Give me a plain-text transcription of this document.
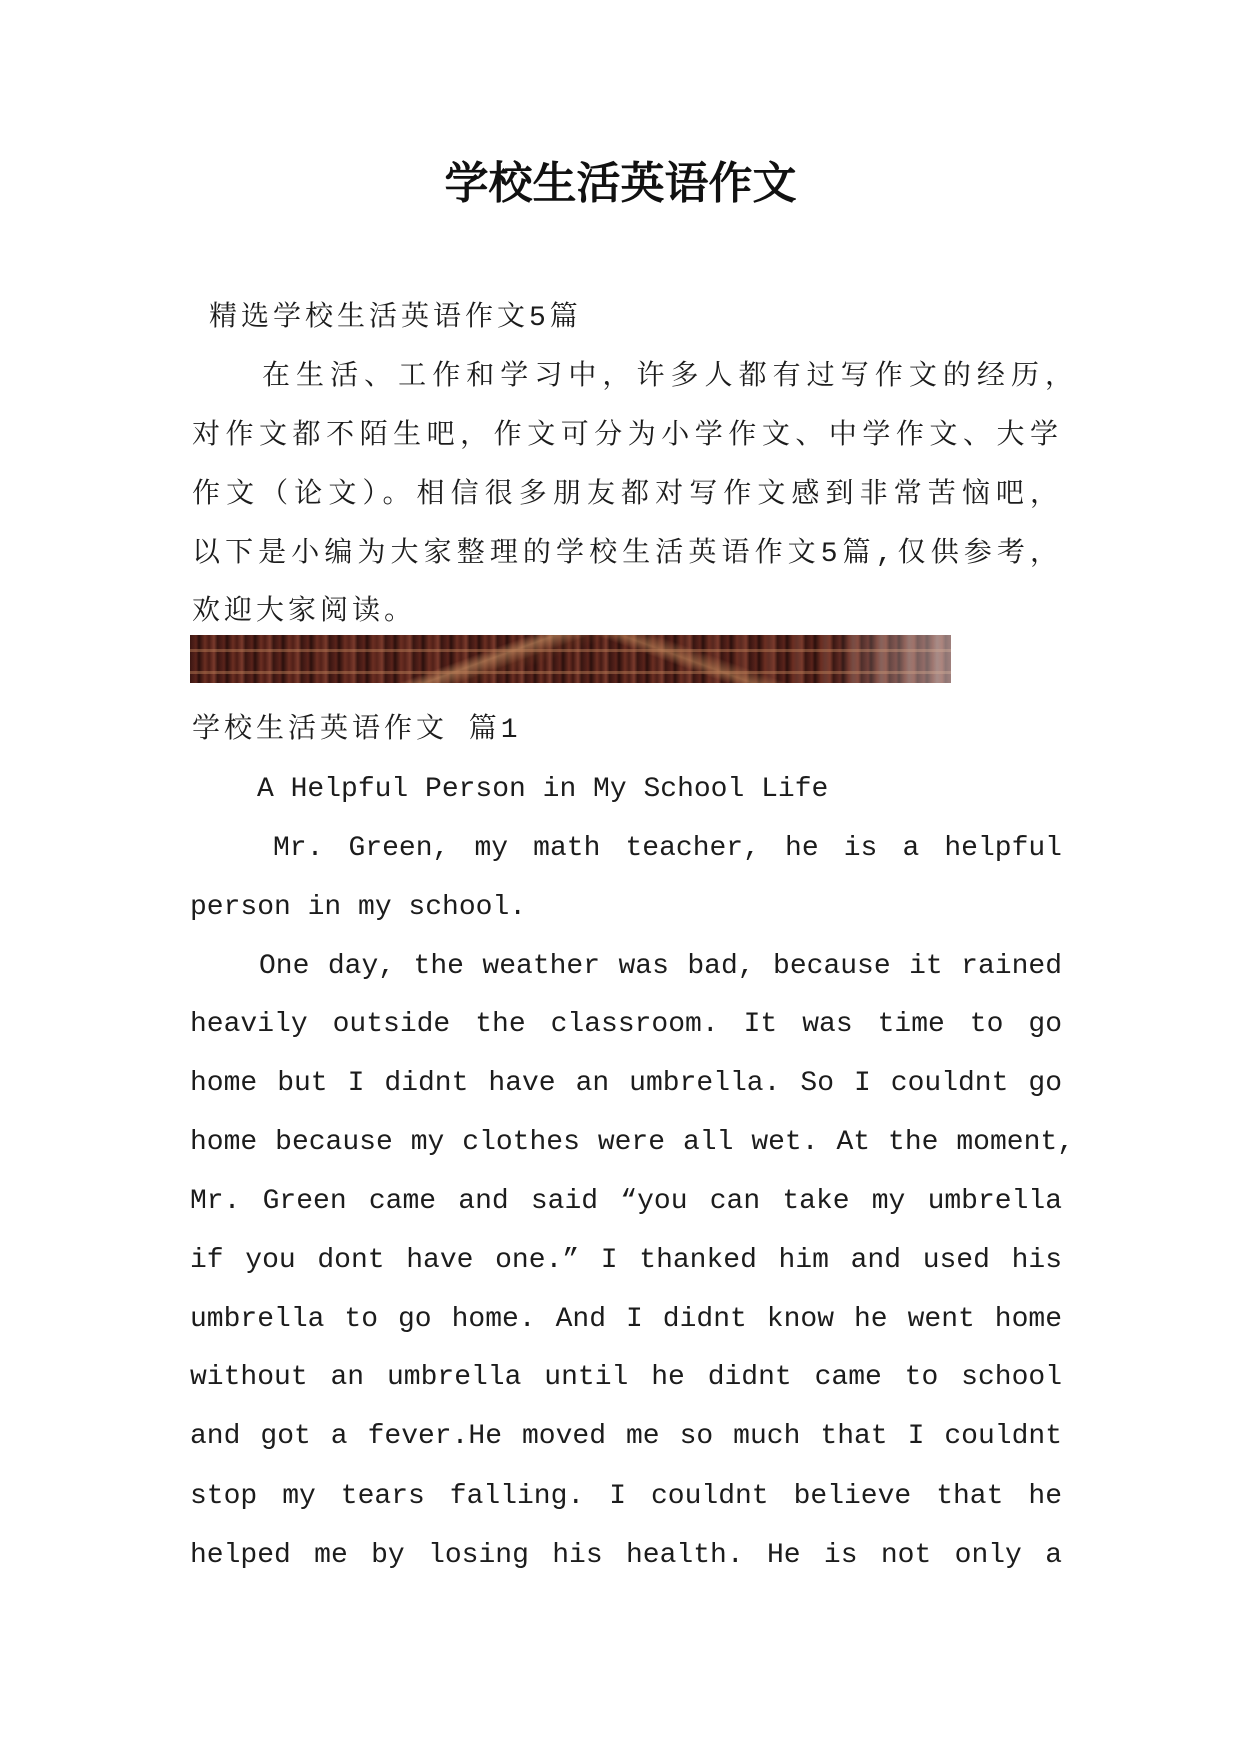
学校生活英语作文
精选学校生活英语作文5篇
在生活、工作和学习中，许多人都有过写作文的经历，
对作文都不陌生吧，作文可分为小学作文、中学作文、大学
作文（论文）。相信很多朋友都对写作文感到非常苦恼吧，
以下是小编为大家整理的学校生活英语作文5篇,仅供参考，
欢迎大家阅读。
学校生活英语作文 篇1
A Helpful Person in My School Life
Mr. Green, my math teacher, he is a helpful
person in my school.
One day, the weather was bad, because it rained
heavily outside the classroom. It was time to go
home but I didnt have an umbrella. So I couldnt go
home because my clothes were all wet. At the moment,
Mr. Green came and said “you can take my umbrella
if you dont have one.” I thanked him and used his
umbrella to go home. And I didnt know he went home
without an umbrella until he didnt came to school
and got a fever.He moved me so much that I couldnt
stop my tears falling. I couldnt believe that he
helped me by losing his health. He is not only a
